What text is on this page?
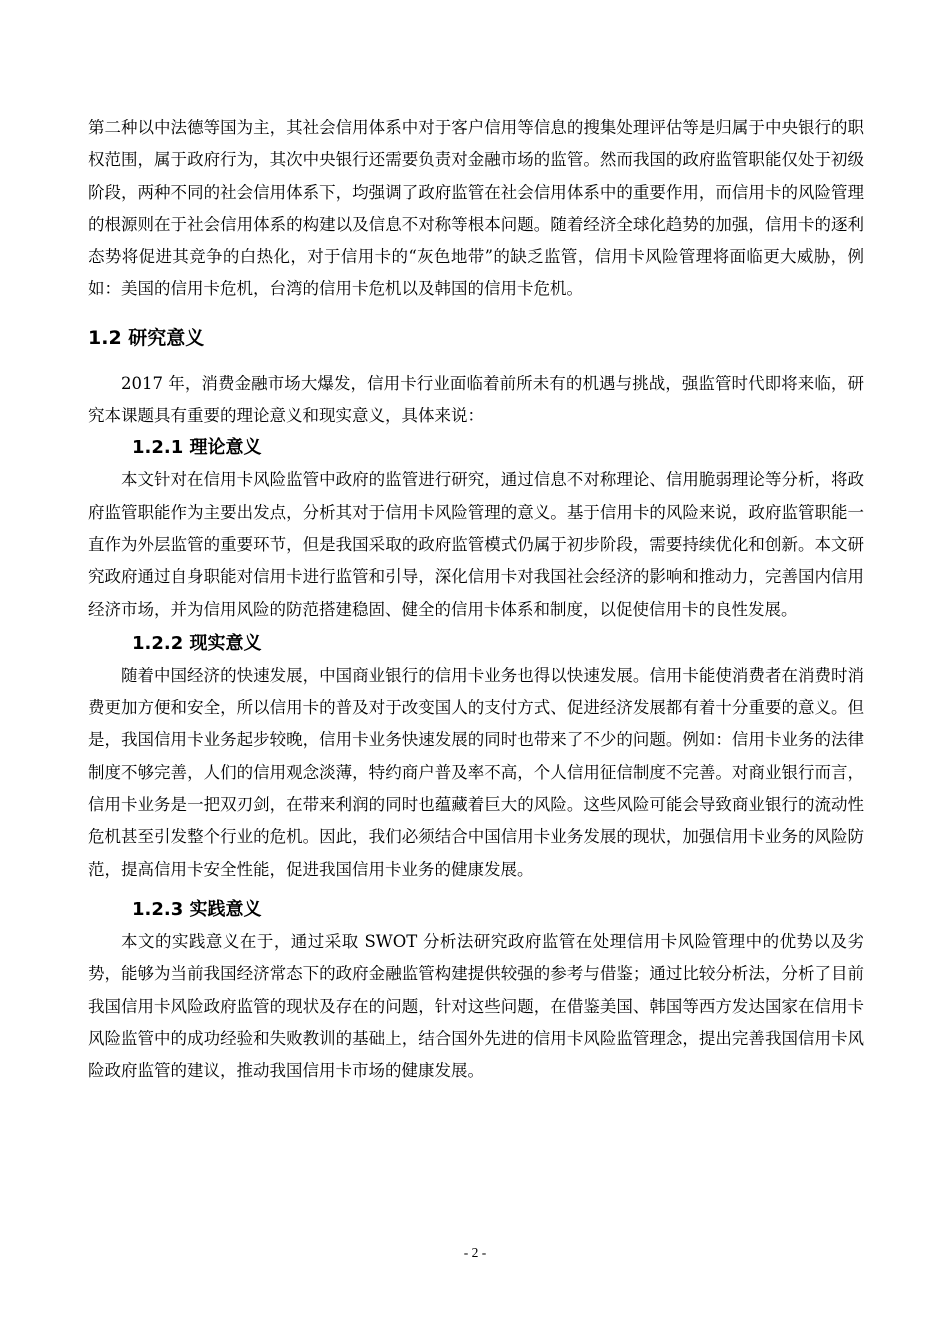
第二种以中法德等国为主，其社会信用体系中对于客户信用等信息的搜集处理评估等是归属于中央银行的职权范围，属于政府行为，其次中央银行还需要负责对金融市场的监管。然而我国的政府监管职能仅处于初级阶段，两种不同的社会信用体系下，均强调了政府监管在社会信用体系中的重要作用，而信用卡的风险管理的根源则在于社会信用体系的构建以及信息不对称等根本问题。随着经济全球化趋势的加强，信用卡的逐利态势将促进其竞争的白热化，对于信用卡的“灰色地带”的缺乏监管，信用卡风险管理将面临更大威胁，例如：美国的信用卡危机，台湾的信用卡危机以及韩国的信用卡危机。

1.2 研究意义

2017 年，消费金融市场大爆发，信用卡行业面临着前所未有的机遇与挑战，强监管时代即将来临，研究本课题具有重要的理论意义和现实意义，具体来说：

1.2.1 理论意义

本文针对在信用卡风险监管中政府的监管进行研究，通过信息不对称理论、信用脆弱理论等分析，将政府监管职能作为主要出发点，分析其对于信用卡风险管理的意义。基于信用卡的风险来说，政府监管职能一直作为外层监管的重要环节，但是我国采取的政府监管模式仍属于初步阶段，需要持续优化和创新。本文研究政府通过自身职能对信用卡进行监管和引导，深化信用卡对我国社会经济的影响和推动力，完善国内信用经济市场，并为信用风险的防范搭建稳固、健全的信用卡体系和制度，以促使信用卡的良性发展。

1.2.2 现实意义

随着中国经济的快速发展，中国商业银行的信用卡业务也得以快速发展。信用卡能使消费者在消费时消费更加方便和安全，所以信用卡的普及对于改变国人的支付方式、促进经济发展都有着十分重要的意义。但是，我国信用卡业务起步较晚，信用卡业务快速发展的同时也带来了不少的问题。例如：信用卡业务的法律制度不够完善，人们的信用观念淡薄，特约商户普及率不高，个人信用征信制度不完善。对商业银行而言，信用卡业务是一把双刃剑，在带来利润的同时也蕴藏着巨大的风险。这些风险可能会导致商业银行的流动性危机甚至引发整个行业的危机。因此，我们必须结合中国信用卡业务发展的现状，加强信用卡业务的风险防范，提高信用卡安全性能，促进我国信用卡业务的健康发展。

1.2.3 实践意义

本文的实践意义在于，通过采取 SWOT 分析法研究政府监管在处理信用卡风险管理中的优势以及劣势，能够为当前我国经济常态下的政府金融监管构建提供较强的参考与借鉴；通过比较分析法，分析了目前我国信用卡风险政府监管的现状及存在的问题，针对这些问题，在借鉴美国、韩国等西方发达国家在信用卡风险监管中的成功经验和失败教训的基础上，结合国外先进的信用卡风险监管理念，提出完善我国信用卡风险政府监管的建议，推动我国信用卡市场的健康发展。

- 2 -
